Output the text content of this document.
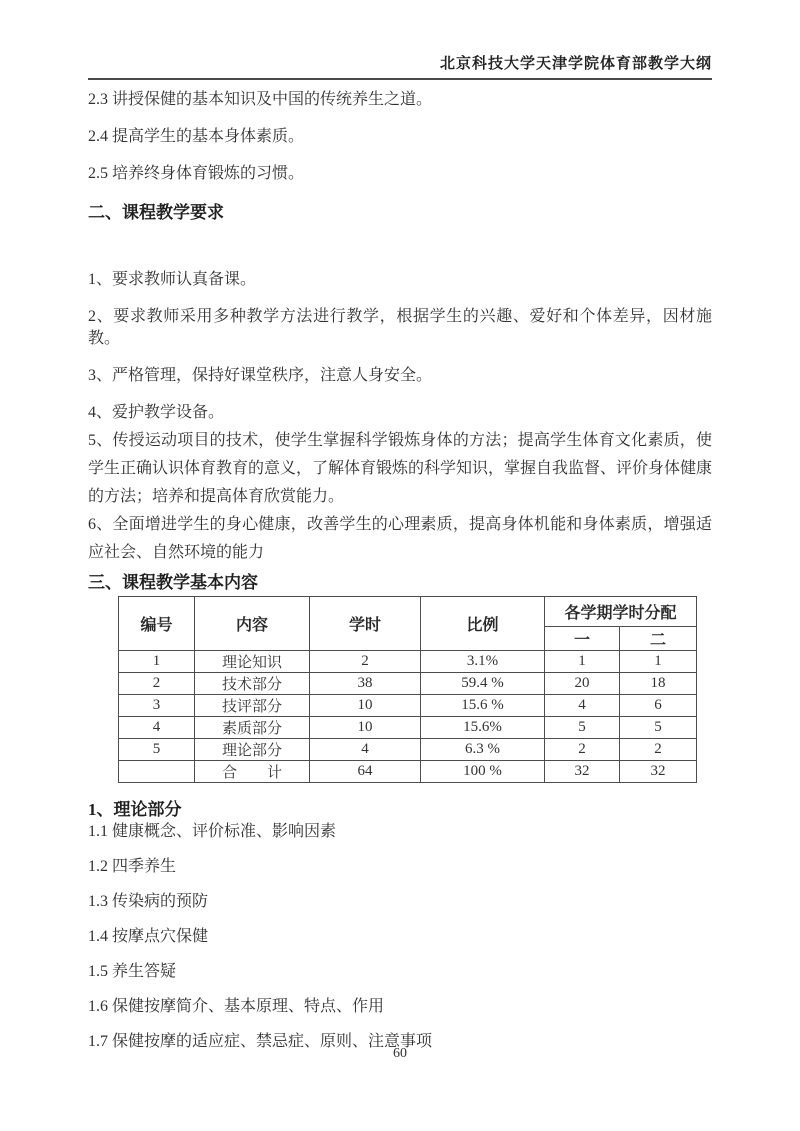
北京科技大学天津学院体育部教学大纲

2.3 讲授保健的基本知识及中国的传统养生之道。

2.4 提高学生的基本身体素质。

2.5 培养终身体育锻炼的习惯。

二、课程教学要求

1、要求教师认真备课。

2、要求教师采用多种教学方法进行教学，根据学生的兴趣、爱好和个体差异，因材施教。

3、严格管理，保持好课堂秩序，注意人身安全。

4、爱护教学设备。

5、传授运动项目的技术，使学生掌握科学锻炼身体的方法；提高学生体育文化素质，使学生正确认识体育教育的意义，了解体育锻炼的科学知识，掌握自我监督、评价身体健康的方法；培养和提高体育欣赏能力。

6、全面增进学生的身心健康，改善学生的心理素质，提高身体机能和身体素质，增强适应社会、自然环境的能力

三、课程教学基本内容
编号	内容	学时	比例	各学期学时分配	
				一	二
1	理论知识	2	3.1%	1	1
2	技术部分	38	59.4 %	20	18
3	技评部分	10	15.6 %	4	6
4	素质部分	10	15.6%	5	5
5	理论部分	4	6.3 %	2	2
	合　　计	64	100 %	32	32
1、理论部分

1.1 健康概念、评价标准、影响因素

1.2 四季养生

1.3 传染病的预防

1.4 按摩点穴保健

1.5 养生答疑

1.6 保健按摩简介、基本原理、特点、作用

1.7 保健按摩的适应症、禁忌症、原则、注意事项

60
